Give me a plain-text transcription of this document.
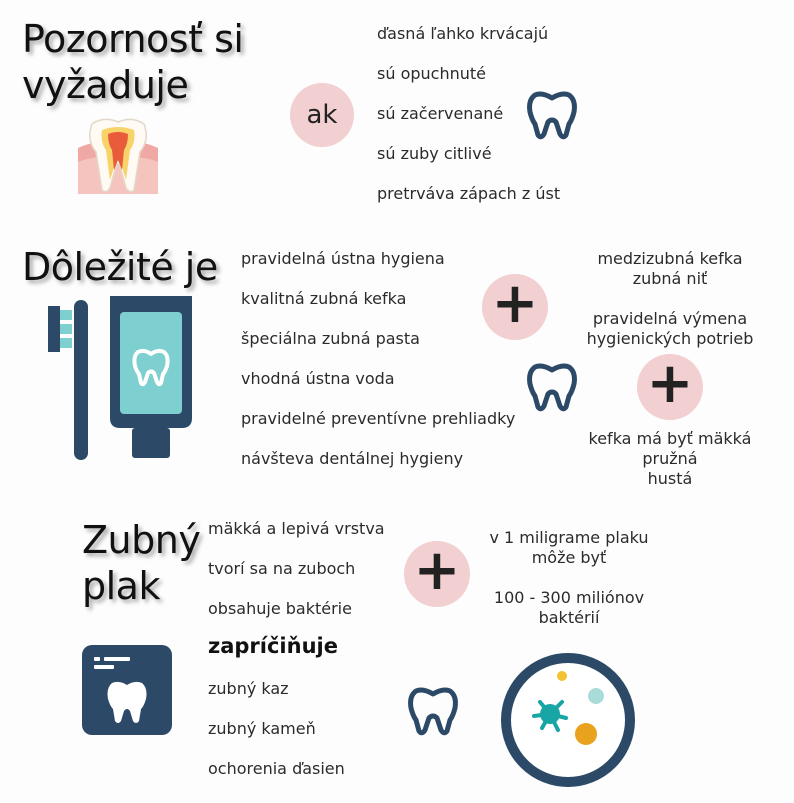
Pozornosť si
vyžaduje
ak
ďasná ľahko krvácajú
sú opuchnuté
sú začervenané
sú zuby citlivé
pretrváva zápach z úst
Dôležité je pravidelná ústna hygiena
kvalitná zubná kefka
špeciálna zubná pasta
vhodná ústna voda
pravidelné preventívne prehliadky
návšteva dentálnej hygieny
+
medzizubná kefka
zubná niť
pravidelná výmena
hygienických potrieb
+
kefka má byť mäkká
pružná
hustá
Zubný
plak
mäkká a lepivá vrstva
tvorí sa na zuboch
obsahuje baktérie
zapríčiňuje
zubný kaz
zubný kameň
ochorenia ďasien
+
v 1 miligrame plaku
môže byť
100 - 300 miliónov
baktérií
